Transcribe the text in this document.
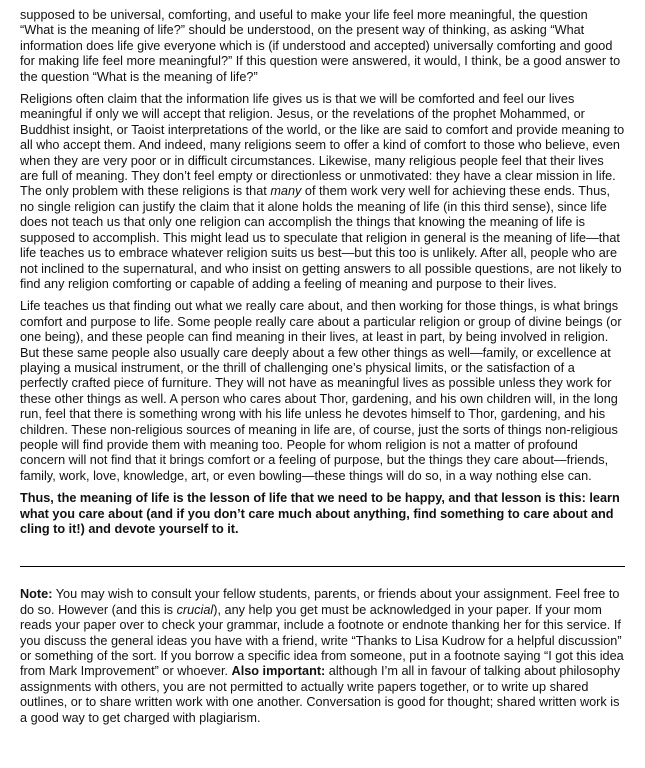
supposed to be universal, comforting, and useful to make your life feel more meaningful, the question “What is the meaning of life?” should be understood, on the present way of thinking, as asking “What information does life give everyone which is (if understood and accepted) universally comforting and good for making life feel more meaningful?” If this question were answered, it would, I think, be a good answer to the question “What is the meaning of life?”

Religions often claim that the information life gives us is that we will be comforted and feel our lives meaningful if only we will accept that religion. Jesus, or the revelations of the prophet Mohammed, or Buddhist insight, or Taoist interpretations of the world, or the like are said to comfort and provide meaning to all who accept them. And indeed, many religions seem to offer a kind of comfort to those who believe, even when they are very poor or in difficult circumstances. Likewise, many religious people feel that their lives are full of meaning. They don’t feel empty or directionless or unmotivated: they have a clear mission in life. The only problem with these religions is that many of them work very well for achieving these ends. Thus, no single religion can justify the claim that it alone holds the meaning of life (in this third sense), since life does not teach us that only one religion can accomplish the things that knowing the meaning of life is supposed to accomplish. This might lead us to speculate that religion in general is the meaning of life—that life teaches us to embrace whatever religion suits us best—but this too is unlikely. After all, people who are not inclined to the supernatural, and who insist on getting answers to all possible questions, are not likely to find any religion comforting or capable of adding a feeling of meaning and purpose to their lives.

Life teaches us that finding out what we really care about, and then working for those things, is what brings comfort and purpose to life. Some people really care about a particular religion or group of divine beings (or one being), and these people can find meaning in their lives, at least in part, by being involved in religion. But these same people also usually care deeply about a few other things as well—family, or excellence at playing a musical instrument, or the thrill of challenging one’s physical limits, or the satisfaction of a perfectly crafted piece of furniture. They will not have as meaningful lives as possible unless they work for these other things as well. A person who cares about Thor, gardening, and his own children will, in the long run, feel that there is something wrong with his life unless he devotes himself to Thor, gardening, and his children. These non-religious sources of meaning in life are, of course, just the sorts of things non-religious people will find provide them with meaning too. People for whom religion is not a matter of profound concern will not find that it brings comfort or a feeling of purpose, but the things they care about—friends, family, work, love, knowledge, art, or even bowling—these things will do so, in a way nothing else can.

Thus, the meaning of life is the lesson of life that we need to be happy, and that lesson is this: learn what you care about (and if you don’t care much about anything, find something to care about and cling to it!) and devote yourself to it.

Note: You may wish to consult your fellow students, parents, or friends about your assignment. Feel free to do so. However (and this is crucial), any help you get must be acknowledged in your paper. If your mom reads your paper over to check your grammar, include a footnote or endnote thanking her for this service. If you discuss the general ideas you have with a friend, write “Thanks to Lisa Kudrow for a helpful discussion” or something of the sort. If you borrow a specific idea from someone, put in a footnote saying “I got this idea from Mark Improvement” or whoever. Also important: although I’m all in favour of talking about philosophy assignments with others, you are not permitted to actually write papers together, or to write up shared outlines, or to share written work with one another. Conversation is good for thought; shared written work is a good way to get charged with plagiarism.
